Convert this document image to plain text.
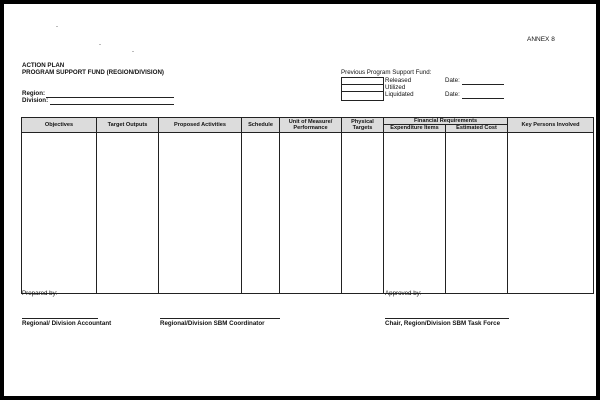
ANNEX 8
ACTION PLAN
PROGRAM SUPPORT FUND (REGION/DIVISION)
Region:
Division:
Previous Program Support Fund:
Released
Utilized
Liquidated
Date:
Date:
Objectives	Target Outputs	Proposed Activities	Schedule	Unit of Measure/ Performance	Physical Targets	Financial Requirements		Key Persons Involved
						Expenditure Items	Estimated Cost	

Prepared by:	Approved by:
Regional/ Division Accountant	Regional/Division SBM Coordinator	Chair, Region/Division SBM Task Force
